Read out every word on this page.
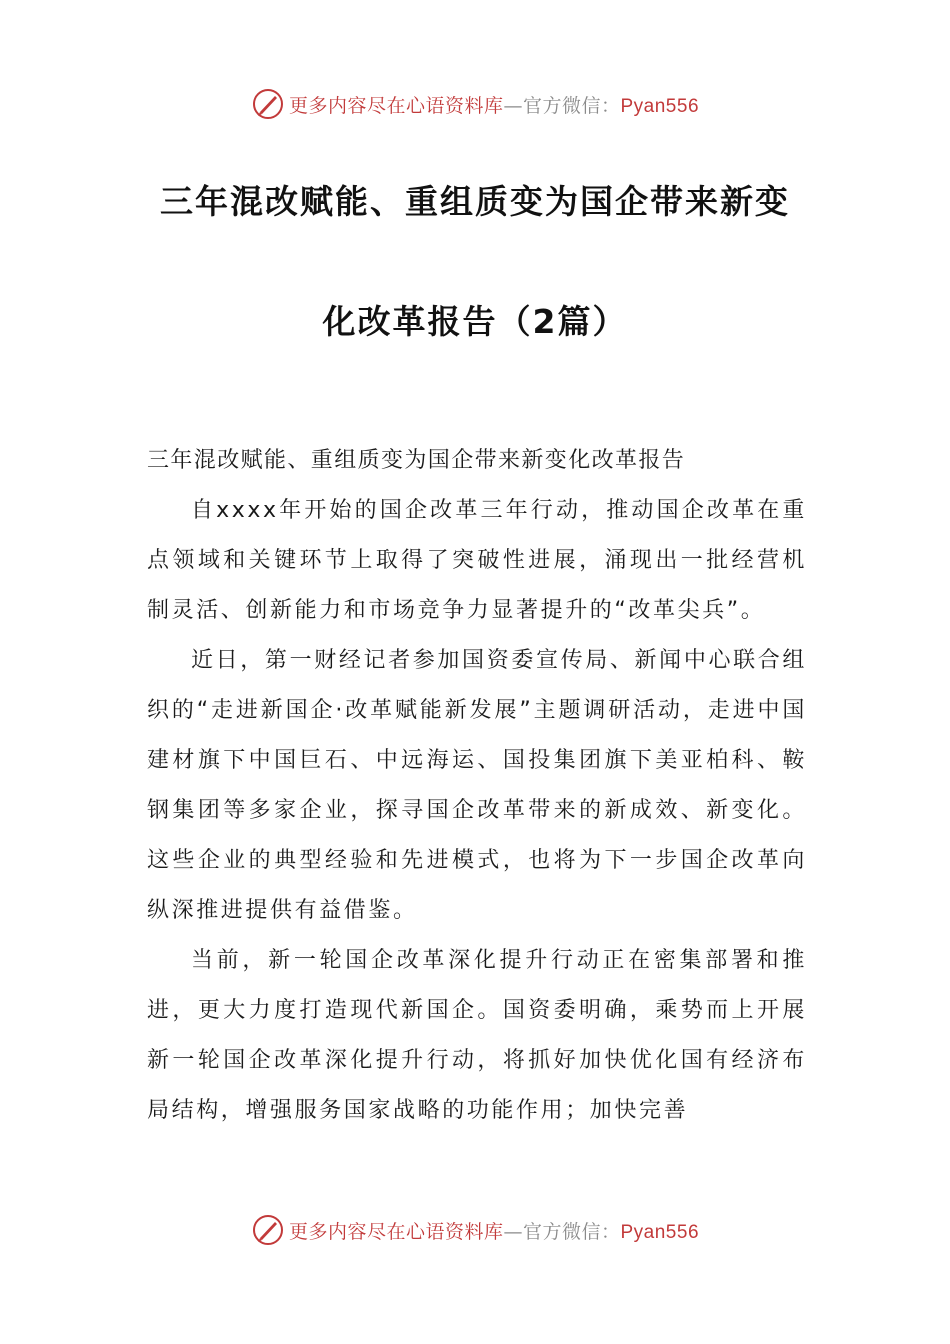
更多内容尽在心语资料库—官方微信：Pyan556
三年混改赋能、重组质变为国企带来新变
化改革报告（2篇）

三年混改赋能、重组质变为国企带来新变化改革报告

自xxxx年开始的国企改革三年行动，推动国企改革在重点领域和关键环节上取得了突破性进展，涌现出一批经营机制灵活、创新能力和市场竞争力显著提升的“改革尖兵”。

近日，第一财经记者参加国资委宣传局、新闻中心联合组织的“走进新国企·改革赋能新发展”主题调研活动，走进中国建材旗下中国巨石、中远海运、国投集团旗下美亚柏科、鞍钢集团等多家企业，探寻国企改革带来的新成效、新变化。这些企业的典型经验和先进模式，也将为下一步国企改革向纵深推进提供有益借鉴。

当前，新一轮国企改革深化提升行动正在密集部署和推进，更大力度打造现代新国企。国资委明确，乘势而上开展新一轮国企改革深化提升行动，将抓好加快优化国有经济布局结构，增强服务国家战略的功能作用；加快完善

更多内容尽在心语资料库—官方微信：Pyan556
